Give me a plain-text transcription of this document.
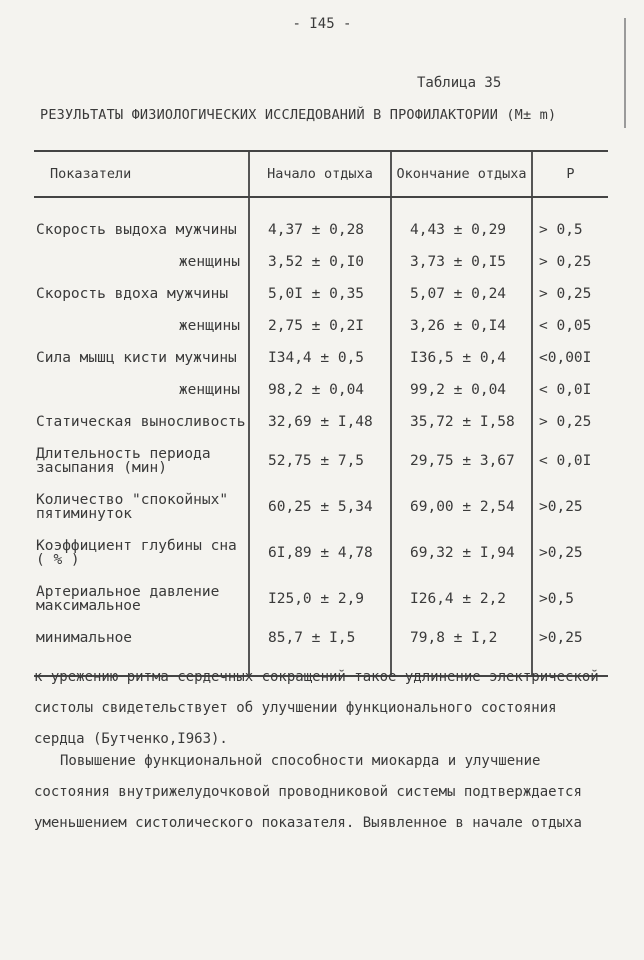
- I45 -
Таблица 35
РЕЗУЛЬТАТЫ ФИЗИОЛОГИЧЕСКИХ ИССЛЕДОВАНИЙ В ПРОФИЛАКТОРИИ (M± m)
Показатели	Начало отдыха	Окончание отдыха	P

Скорость выдоха мужчины	4,37 ± 0,28	4,43 ± 0,29	> 0,5
женщины	3,52 ± 0,I0	3,73 ± 0,I5	> 0,25
Скорость вдоха мужчины	5,0I ± 0,35	5,07 ± 0,24	> 0,25
женщины	2,75 ± 0,2I	3,26 ± 0,I4	< 0,05
Сила мышц кисти мужчины	I34,4 ± 0,5	I36,5 ± 0,4	<0,00I
женщины	98,2 ± 0,04	99,2 ± 0,04	< 0,0I
Статическая выносливость	32,69 ± I,48	35,72 ± I,58	> 0,25
Длительность периода засыпания (мин)	52,75 ± 7,5	29,75 ± 3,67	< 0,0I
Количество "спокойных" пятиминуток	60,25 ± 5,34	69,00 ± 2,54	>0,25
Коэффициент глубины сна ( % )	6I,89 ± 4,78	69,32 ± I,94	>0,25
Артериальное давление максимальное	I25,0 ± 2,9	I26,4 ± 2,2	>0,5
минимальное	85,7 ± I,5	79,8 ± I,2	>0,25
к урежению ритма сердечных сокращений такое удлинение электрической систолы свидетельствует об улучшении функционального состояния сердца (Бутченко,I963).
Повышение функциональной способности миокарда и улучшение состояния внутрижелудочковой проводниковой системы подтверждается уменьшением систолического показателя. Выявленное в начале отдыха
